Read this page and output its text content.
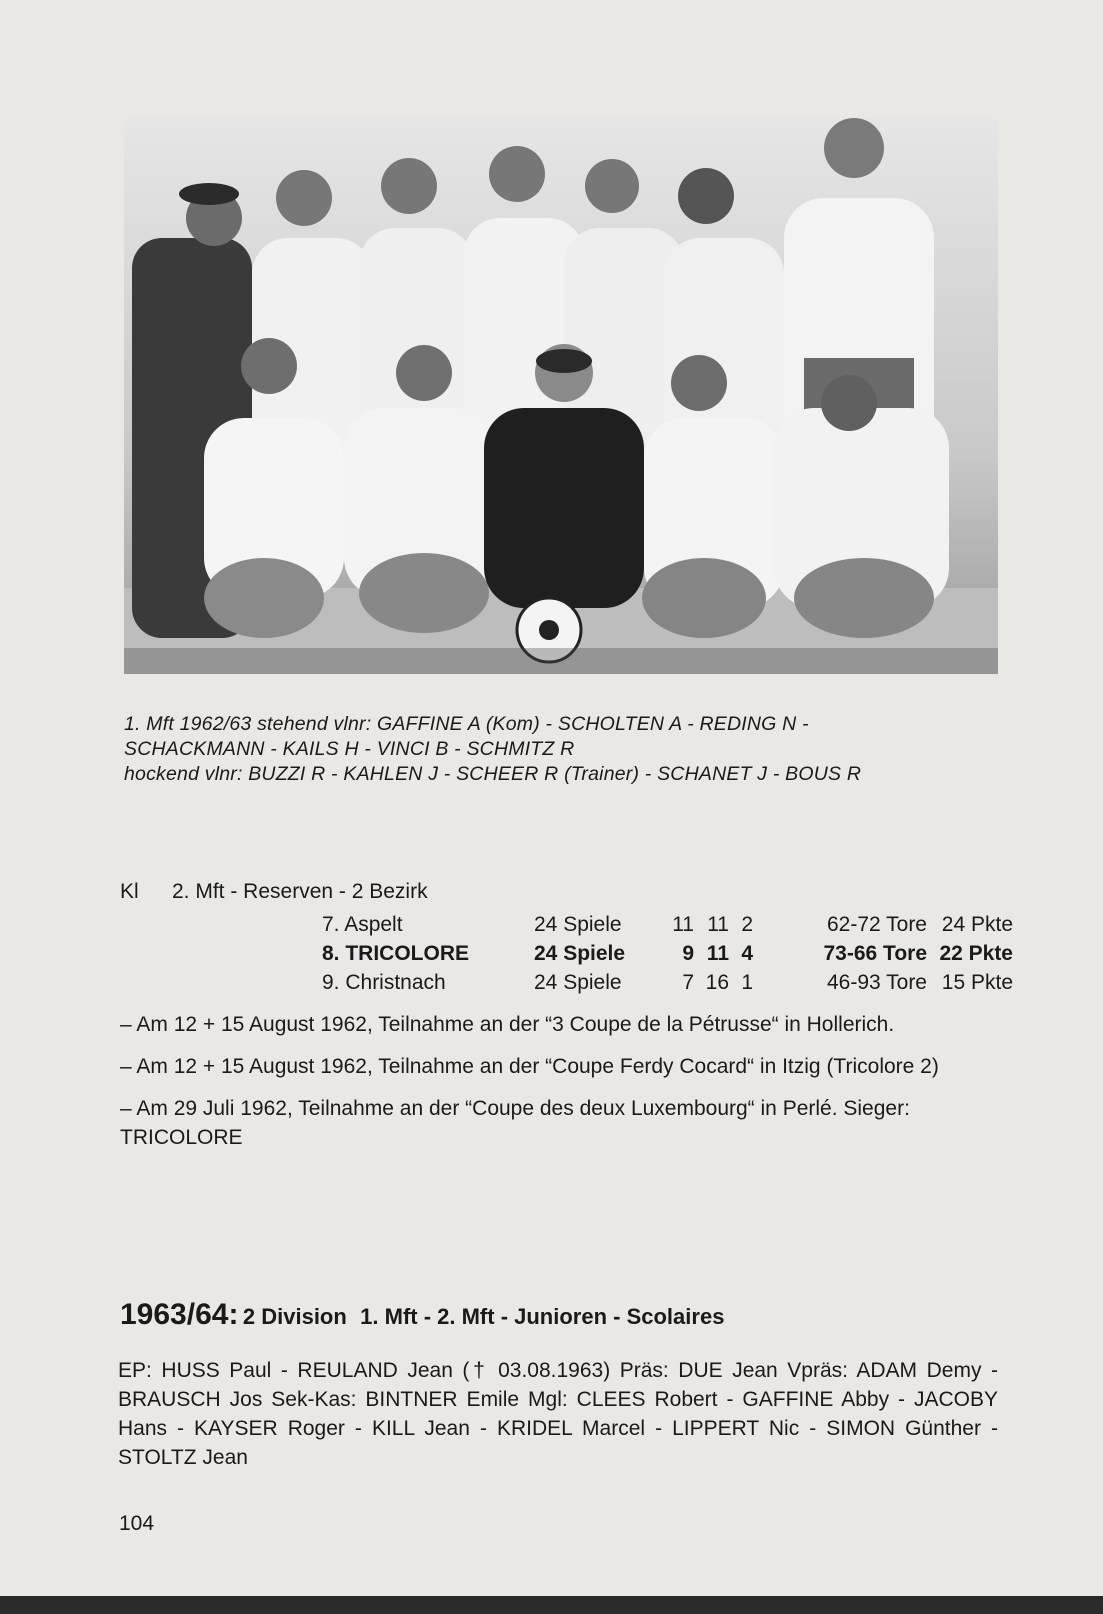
1. Mft 1962/63 stehend vlnr: GAFFINE A (Kom) - SCHOLTEN A - REDING N -
SCHACKMANN - KAILS H - VINCI B - SCHMITZ R
hockend vlnr: BUZZI R - KAHLEN J - SCHEER R (Trainer) - SCHANET J - BOUS R
Kl 2. Mft - Reserven - 2 Bezirk
7. Aspelt	24 Spiele	11	11	2	62-72 Tore	24 Pkte
8. TRICOLORE	24 Spiele	9	11	4	73-66 Tore	22 Pkte
9. Christnach	24 Spiele	7	16	1	46-93 Tore	15 Pkte

– Am 12 + 15 August 1962, Teilnahme an der “3 Coupe de la Pétrusse“ in Hollerich.

– Am 12 + 15 August 1962, Teilnahme an der “Coupe Ferdy Cocard“ in Itzig (Tricolore 2)

– Am 29 Juli 1962, Teilnahme an der “Coupe des deux Luxembourg“ in Perlé. Sieger: TRICOLORE

1963/64: 2 Division 1. Mft - 2. Mft - Junioren - Scolaires
EP: HUSS Paul - REULAND Jean († 03.08.1963) Präs: DUE Jean Vpräs: ADAM Demy - BRAUSCH Jos Sek-Kas: BINTNER Emile Mgl: CLEES Robert - GAFFINE Abby - JACOBY Hans - KAYSER Roger - KILL Jean - KRIDEL Marcel - LIPPERT Nic - SIMON Günther - STOLTZ Jean
104
